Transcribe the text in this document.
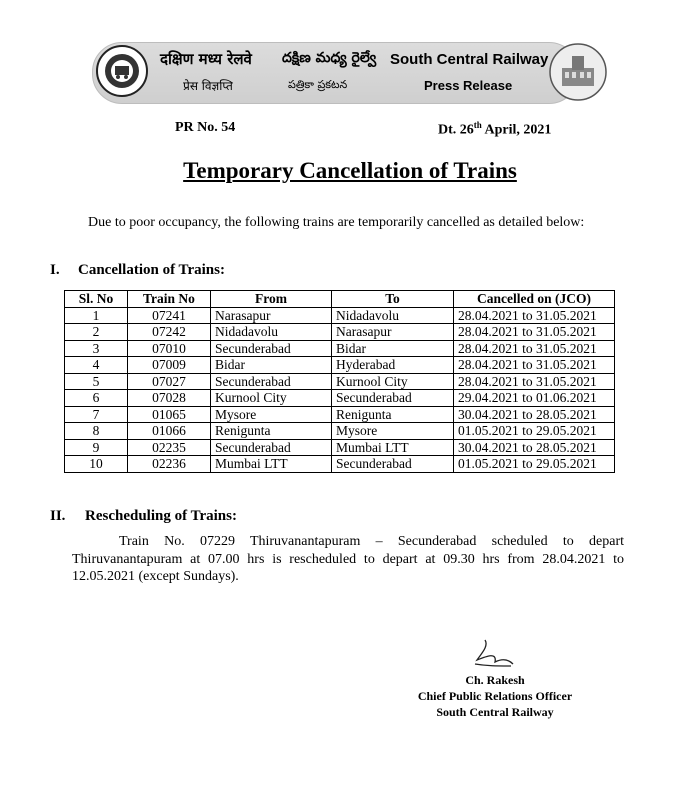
दक्षिण मध्य रेलवे దక్షిణ మధ్య రైల్వే South Central Railway
प्रेस विज्ञप्ति	పత్రికా ప్రకటన	Press Release
PR No. 54	Dt. 26th April, 2021
Temporary Cancellation of Trains
Due to poor occupancy, the following trains are temporarily cancelled as detailed below:
I. Cancellation of Trains:
Sl. No	Train No	From	To	Cancelled on (JCO)
1	07241	Narasapur	Nidadavolu	28.04.2021 to 31.05.2021
2	07242	Nidadavolu	Narasapur	28.04.2021 to 31.05.2021
3	07010	Secunderabad	Bidar	28.04.2021 to 31.05.2021
4	07009	Bidar	Hyderabad	28.04.2021 to 31.05.2021
5	07027	Secunderabad	Kurnool City	28.04.2021 to 31.05.2021
6	07028	Kurnool City	Secunderabad	29.04.2021 to 01.06.2021
7	01065	Mysore	Renigunta	30.04.2021 to 28.05.2021
8	01066	Renigunta	Mysore	01.05.2021 to 29.05.2021
9	02235	Secunderabad	Mumbai LTT	30.04.2021 to 28.05.2021
10	02236	Mumbai LTT	Secunderabad	01.05.2021 to 29.05.2021
II. Rescheduling of Trains:
Train No. 07229 Thiruvanantapuram – Secunderabad scheduled to depart Thiruvanantapuram at 07.00 hrs is rescheduled to depart at 09.30 hrs from 28.04.2021 to 12.05.2021 (except Sundays).
Ch. Rakesh
Chief Public Relations Officer
South Central Railway
